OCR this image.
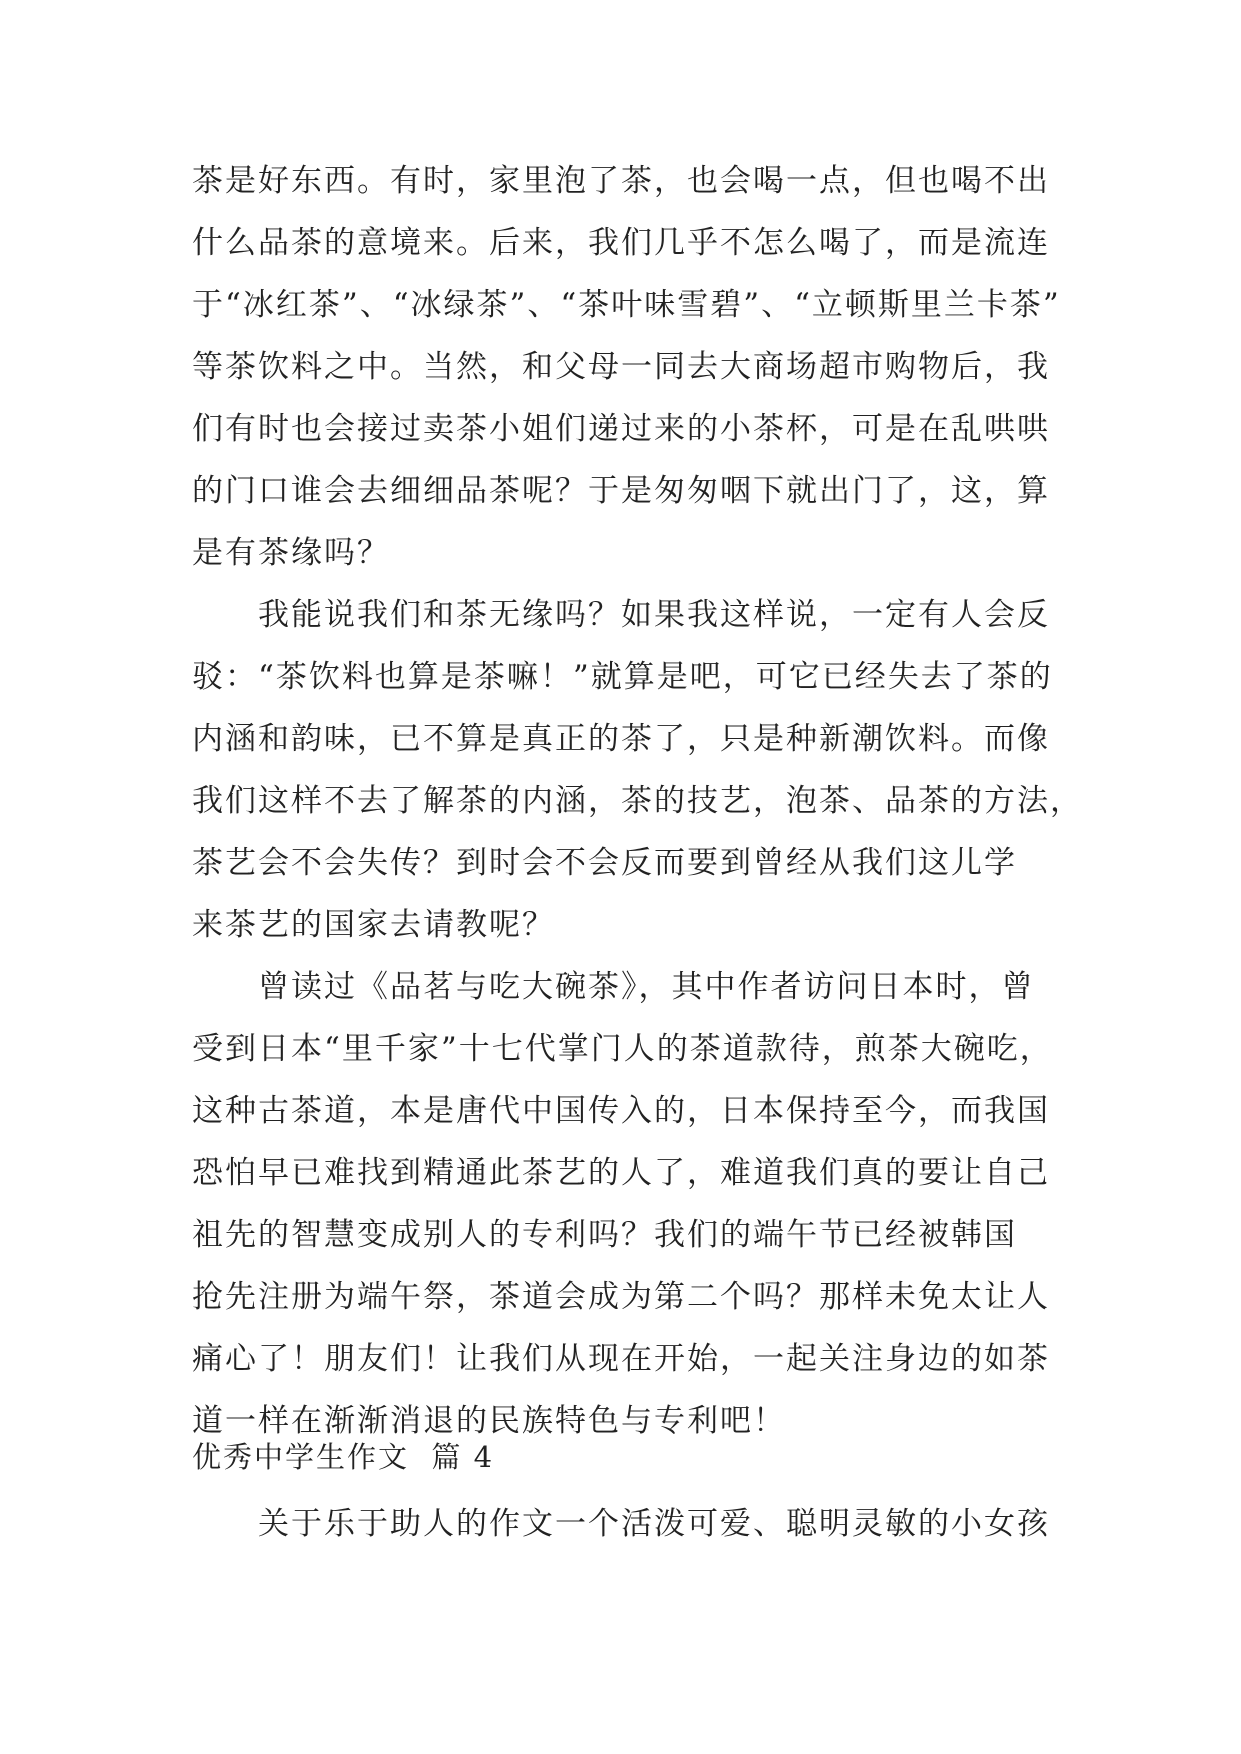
茶是好东西。有时，家里泡了茶，也会喝一点，但也喝不出
什么品茶的意境来。后来，我们几乎不怎么喝了，而是流连
于“冰红茶”、“冰绿茶”、“茶叶味雪碧”、“立顿斯里兰卡茶”
等茶饮料之中。当然，和父母一同去大商场超市购物后，我
们有时也会接过卖茶小姐们递过来的小茶杯，可是在乱哄哄
的门口谁会去细细品茶呢？于是匆匆咽下就出门了，这，算
是有茶缘吗？
我能说我们和茶无缘吗？如果我这样说，一定有人会反
驳：“茶饮料也算是茶嘛！”就算是吧，可它已经失去了茶的
内涵和韵味，已不算是真正的茶了，只是种新潮饮料。而像
我们这样不去了解茶的内涵，茶的技艺，泡茶、品茶的方法，
茶艺会不会失传？到时会不会反而要到曾经从我们这儿学
来茶艺的国家去请教呢？
曾读过《品茗与吃大碗茶》，其中作者访问日本时，曾
受到日本“里千家”十七代掌门人的茶道款待，煎茶大碗吃，
这种古茶道，本是唐代中国传入的，日本保持至今，而我国
恐怕早已难找到精通此茶艺的人了，难道我们真的要让自己
祖先的智慧变成别人的专利吗？我们的端午节已经被韩国
抢先注册为端午祭，茶道会成为第二个吗？那样未免太让人
痛心了！朋友们！让我们从现在开始，一起关注身边的如茶
道一样在渐渐消退的民族特色与专利吧！
优秀中学生作文  篇 4
关于乐于助人的作文一个活泼可爱、聪明灵敏的小女孩
